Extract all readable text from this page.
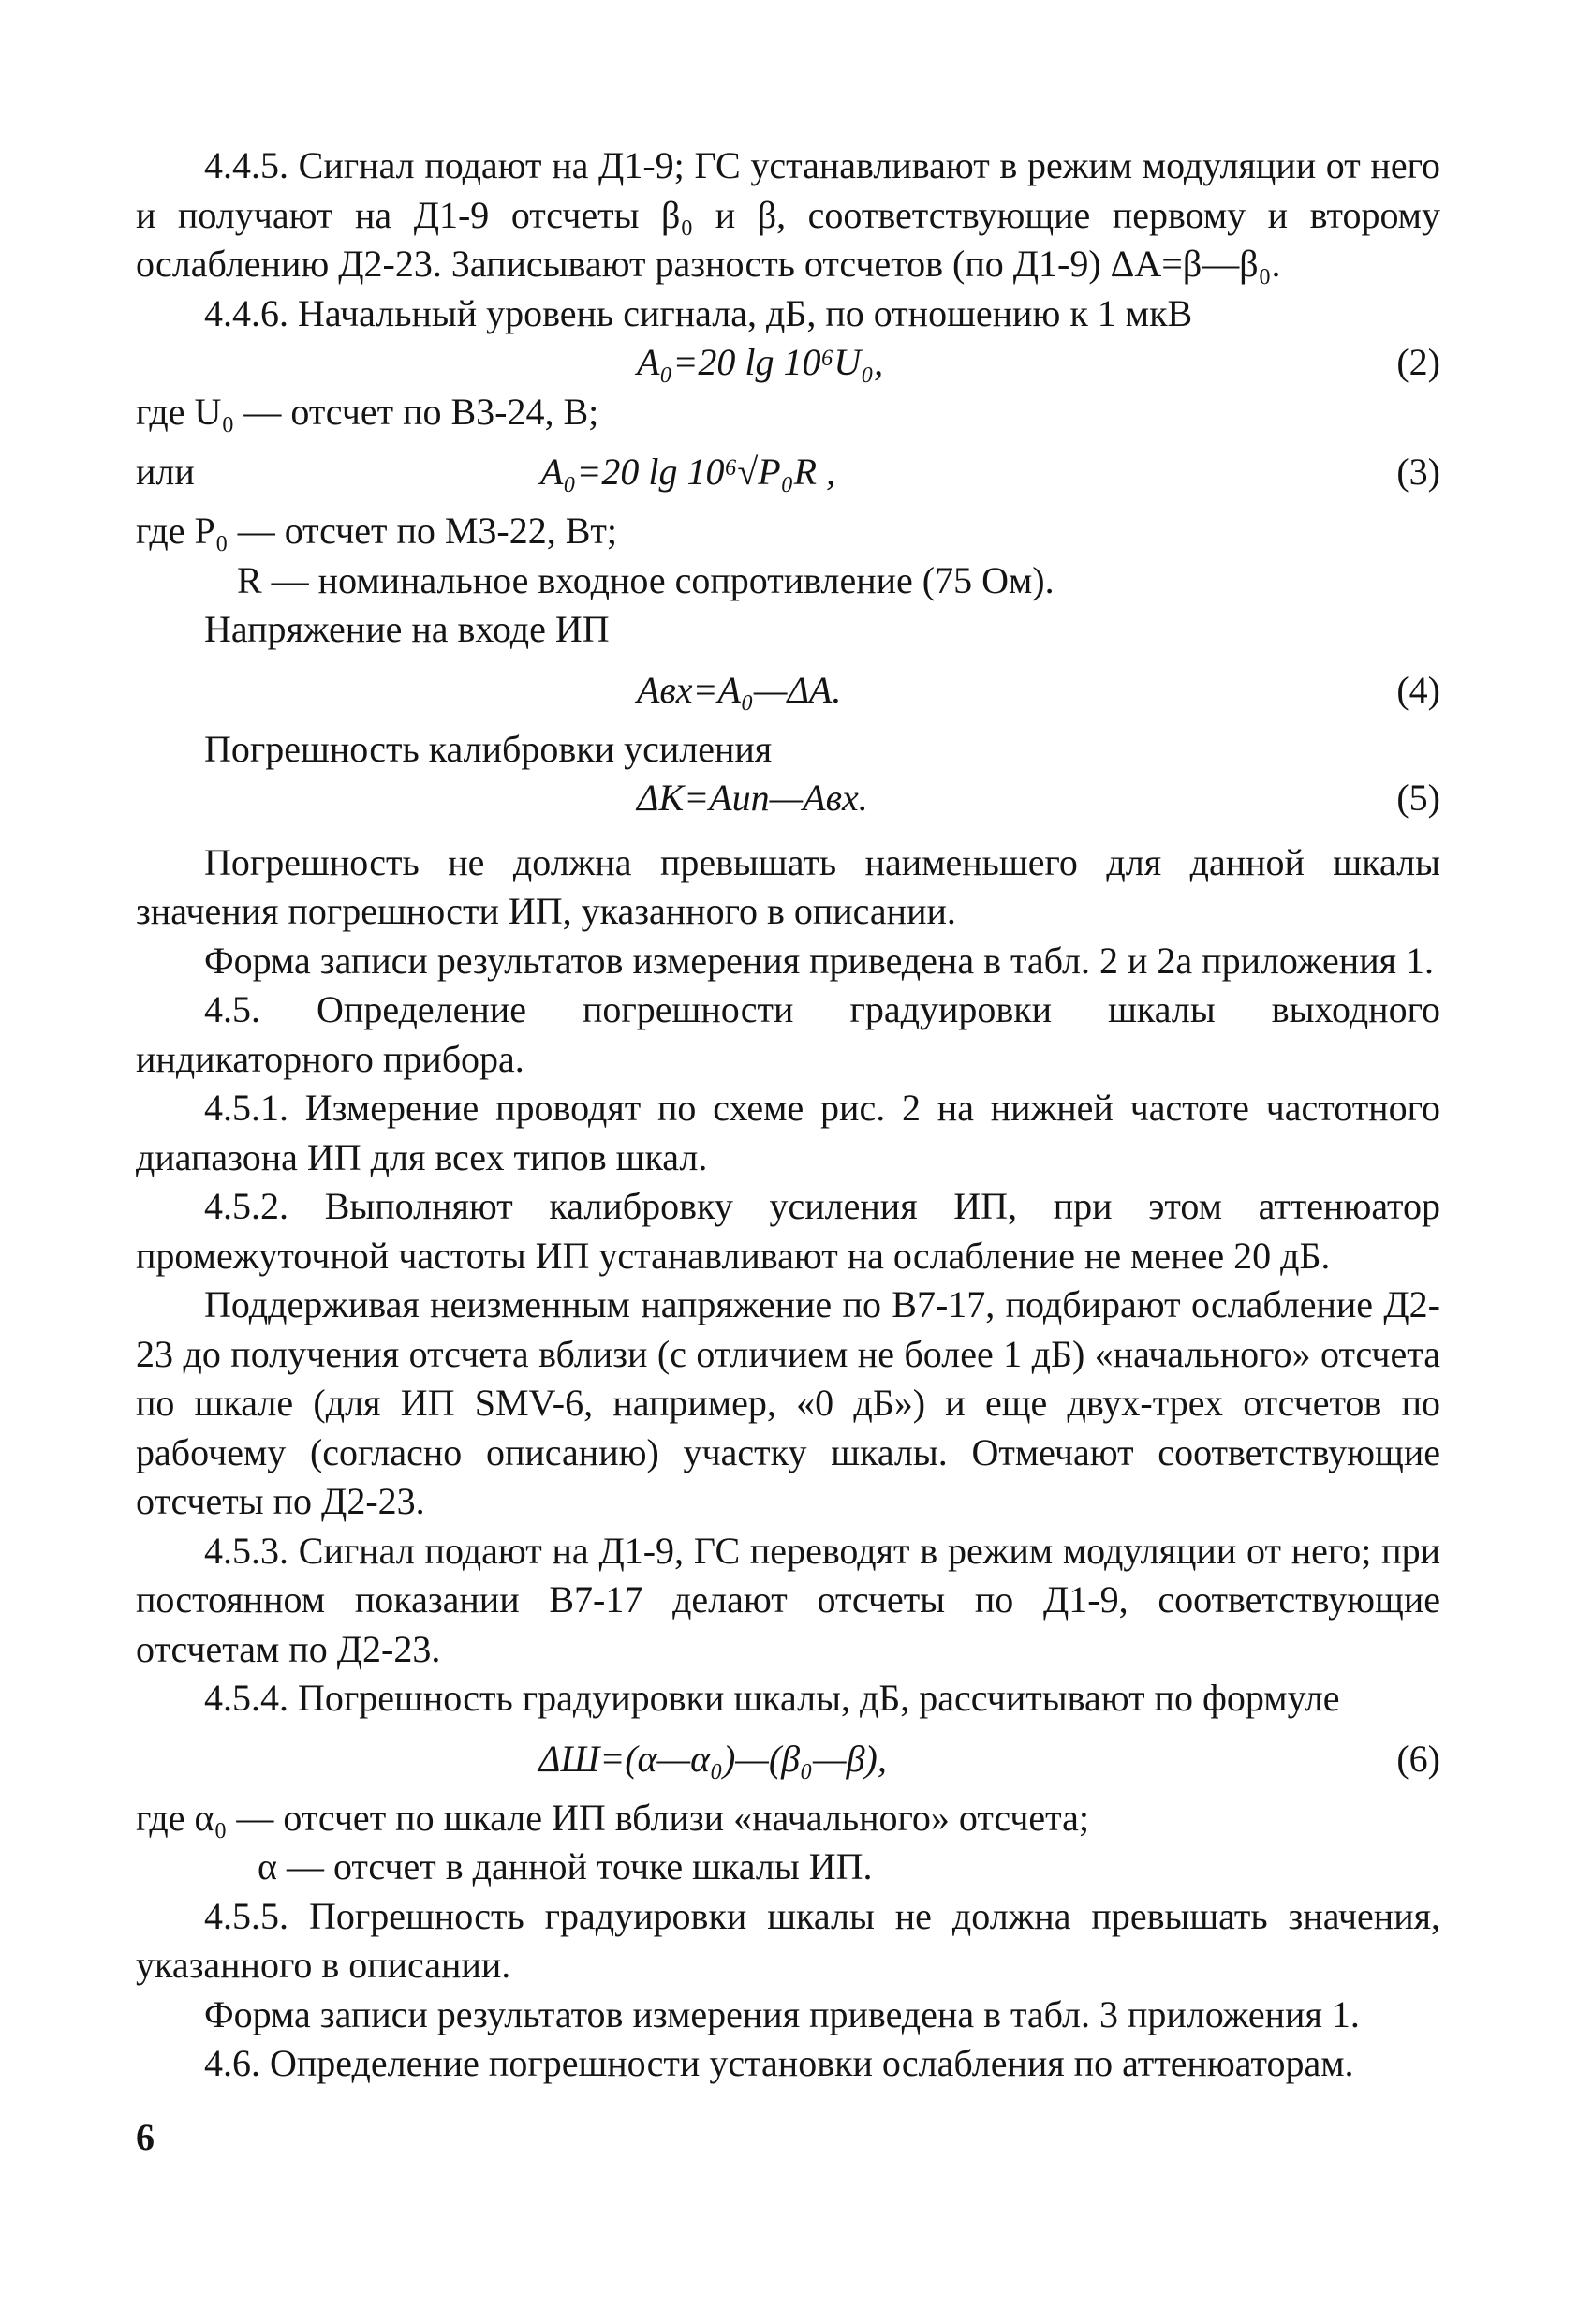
4.4.5. Сигнал подают на Д1-9; ГС устанавливают в режим модуляции от него и получают на Д1-9 отсчеты β₀ и β, соответствующие первому и второму ослаблению Д2-23. Записывают разность отсчетов (по Д1-9) ΔA=β—β₀.

4.4.6. Начальный уровень сигнала, дБ, по отношению к 1 мкВ

A₀=20 lg 10⁶U₀,	(2)

где U₀ — отсчет по В3-24, В;

или	A₀=20 lg 10⁶√P₀R ,	(3)

где P₀ — отсчет по М3-22, Вт;

R — номинальное входное сопротивление (75 Ом).

Напряжение на входе ИП

Aвх=A₀—ΔA.	(4)

Погрешность калибровки усиления

ΔK=Aип—Aвх.	(5)

Погрешность не должна превышать наименьшего для данной шкалы значения погрешности ИП, указанного в описании.

Форма записи результатов измерения приведена в табл. 2 и 2а приложения 1.

4.5. Определение погрешности градуировки шкалы выходного индикаторного прибора.

4.5.1. Измерение проводят по схеме рис. 2 на нижней частоте частотного диапазона ИП для всех типов шкал.

4.5.2. Выполняют калибровку усиления ИП, при этом аттенюатор промежуточной частоты ИП устанавливают на ослабление не менее 20 дБ.

Поддерживая неизменным напряжение по В7-17, подбирают ослабление Д2-23 до получения отсчета вблизи (с отличием не более 1 дБ) «начального» отсчета по шкале (для ИП SMV-6, например, «0 дБ») и еще двух-трех отсчетов по рабочему (согласно описанию) участку шкалы. Отмечают соответствующие отсчеты по Д2-23.

4.5.3. Сигнал подают на Д1-9, ГС переводят в режим модуляции от него; при постоянном показании В7-17 делают отсчеты по Д1-9, соответствующие отсчетам по Д2-23.

4.5.4. Погрешность градуировки шкалы, дБ, рассчитывают по формуле

ΔШ=(α—α₀)—(β₀—β),	(6)

где α₀ — отсчет по шкале ИП вблизи «начального» отсчета;

α — отсчет в данной точке шкалы ИП.

4.5.5. Погрешность градуировки шкалы не должна превышать значения, указанного в описании.

Форма записи результатов измерения приведена в табл. 3 приложения 1.

4.6. Определение погрешности установки ослабления по аттенюаторам.

6
